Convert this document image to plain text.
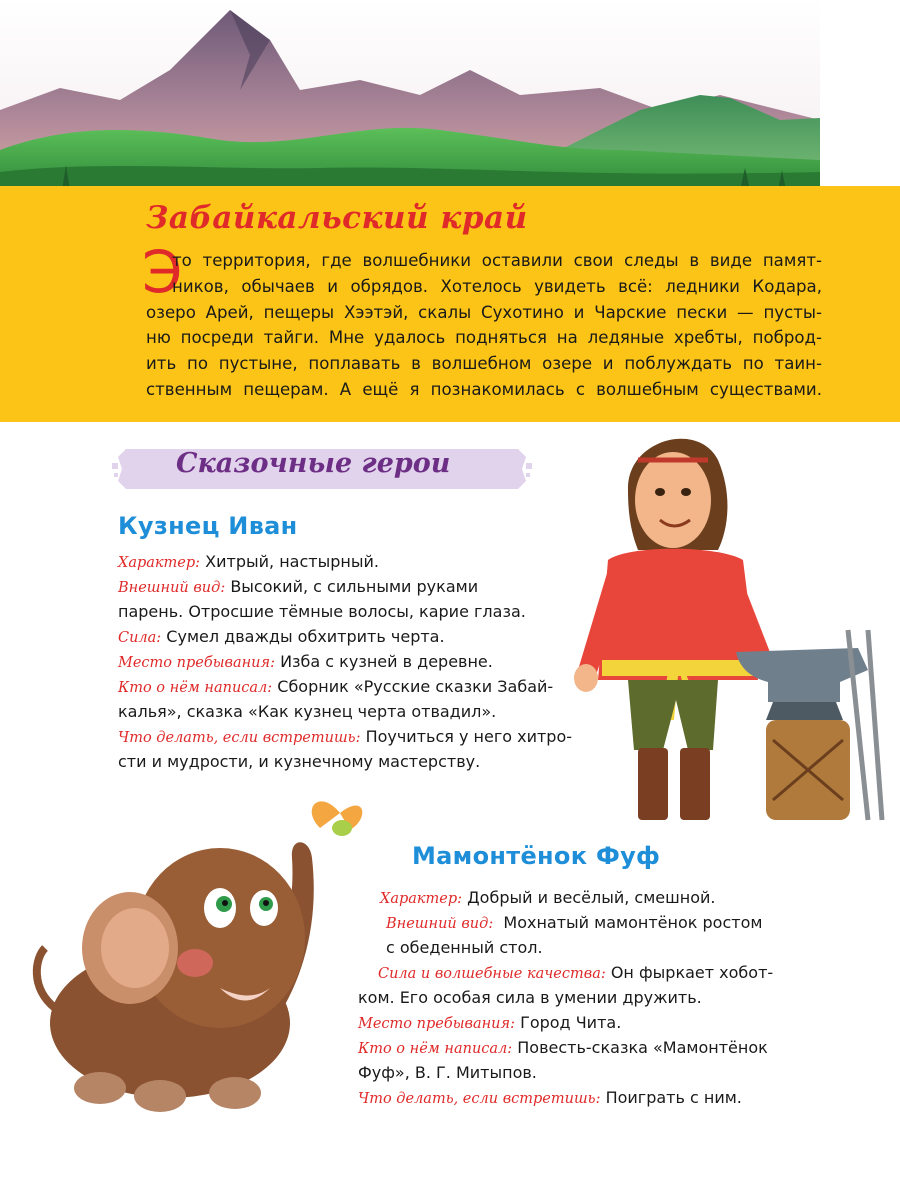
Забайкальский край
Э
то территория, где волшебники оставили свои следы в виде памят-
ников, обычаев и обрядов. Хотелось увидеть всё: ледники Кодара,
озеро Арей, пещеры Хээтэй, скалы Сухотино и Чарские пески — пусты-
ню посреди тайги. Мне удалось подняться на ледяные хребты, поброд-
ить по пустыне, поплавать в волшебном озере и поблуждать по таин-
ственным пещерам. А ещё я познакомилась с волшебным существами.
Сказочные герои
Кузнец Иван
Характер: Хитрый, настырный.
Внешний вид: Высокий, с сильными руками
парень. Отросшие тёмные волосы, карие глаза.
Сила: Сумел дважды обхитрить черта.
Место пребывания: Изба с кузней в деревне.
Кто о нём написал: Сборник «Русские сказки Забай-
калья», сказка «Как кузнец черта отвадил».
Что делать, если встретишь: Поучиться у него хитро-
сти и мудрости, и кузнечному мастерству.
Мамонтёнок Фуф
Характер: Добрый и весёлый, смешной.
Внешний вид: Мохнатый мамонтёнок ростом
с обеденный стол.
Сила и волшебные качества: Он фыркает хобот-
ком. Его особая сила в умении дружить.
Место пребывания: Город Чита.
Кто о нём написал: Повесть-сказка «Мамонтёнок
Фуф», В. Г. Митыпов.
Что делать, если встретишь: Поиграть с ним.
